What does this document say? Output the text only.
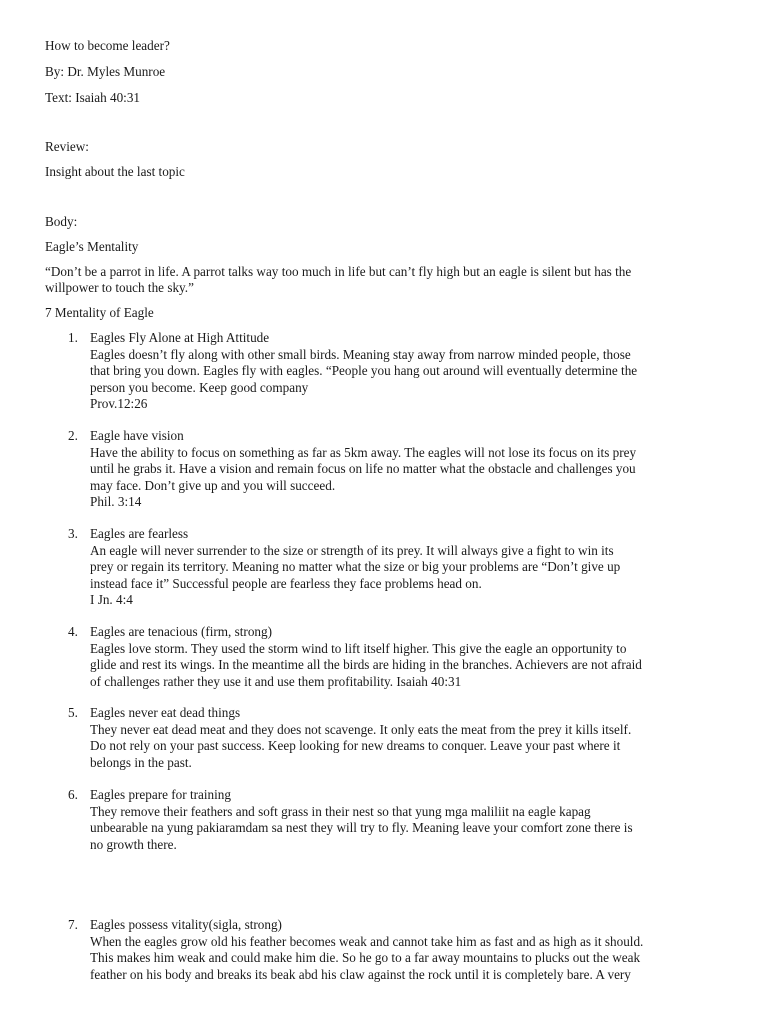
How to become leader?
By: Dr. Myles Munroe
Text: Isaiah 40:31
Review:
Insight about the last topic
Body:
Eagle’s Mentality
“Don’t be a parrot in life. A parrot talks way too much in life but can’t fly high but an eagle is silent but has the
willpower to touch the sky.”
7 Mentality of Eagle
1. Eagles Fly Alone at High Attitude
Eagles doesn’t fly along with other small birds. Meaning stay away from narrow minded people, those
that bring you down. Eagles fly with eagles. “People you hang out around will eventually determine the
person you become. Keep good company
Prov.12:26
2. Eagle have vision
Have the ability to focus on something as far as 5km away. The eagles will not lose its focus on its prey
until he grabs it. Have a vision and remain focus on life no matter what the obstacle and challenges you
may face. Don’t give up and you will succeed.
Phil. 3:14
3. Eagles are fearless
An eagle will never surrender to the size or strength of its prey. It will always give a fight to win its
prey or regain its territory. Meaning no matter what the size or big your problems are “Don’t give up
instead face it” Successful people are fearless they face problems head on.
I Jn. 4:4
4. Eagles are tenacious (firm, strong)
Eagles love storm. They used the storm wind to lift itself higher. This give the eagle an opportunity to
glide and rest its wings. In the meantime all the birds are hiding in the branches. Achievers are not afraid
of challenges rather they use it and use them profitability. Isaiah 40:31
5. Eagles never eat dead things
They never eat dead meat and they does not scavenge. It only eats the meat from the prey it kills itself.
Do not rely on your past success. Keep looking for new dreams to conquer. Leave your past where it
belongs in the past.
6. Eagles prepare for training
They remove their feathers and soft grass in their nest so that yung mga maliliit na eagle kapag
unbearable na yung pakiaramdam sa nest they will try to fly. Meaning leave your comfort zone there is
no growth there.
7. Eagles possess vitality(sigla, strong)
When the eagles grow old his feather becomes weak and cannot take him as fast and as high as it should.
This makes him weak and could make him die. So he go to a far away mountains to plucks out the weak
feather on his body and breaks its beak abd his claw against the rock until it is completely bare. A very
